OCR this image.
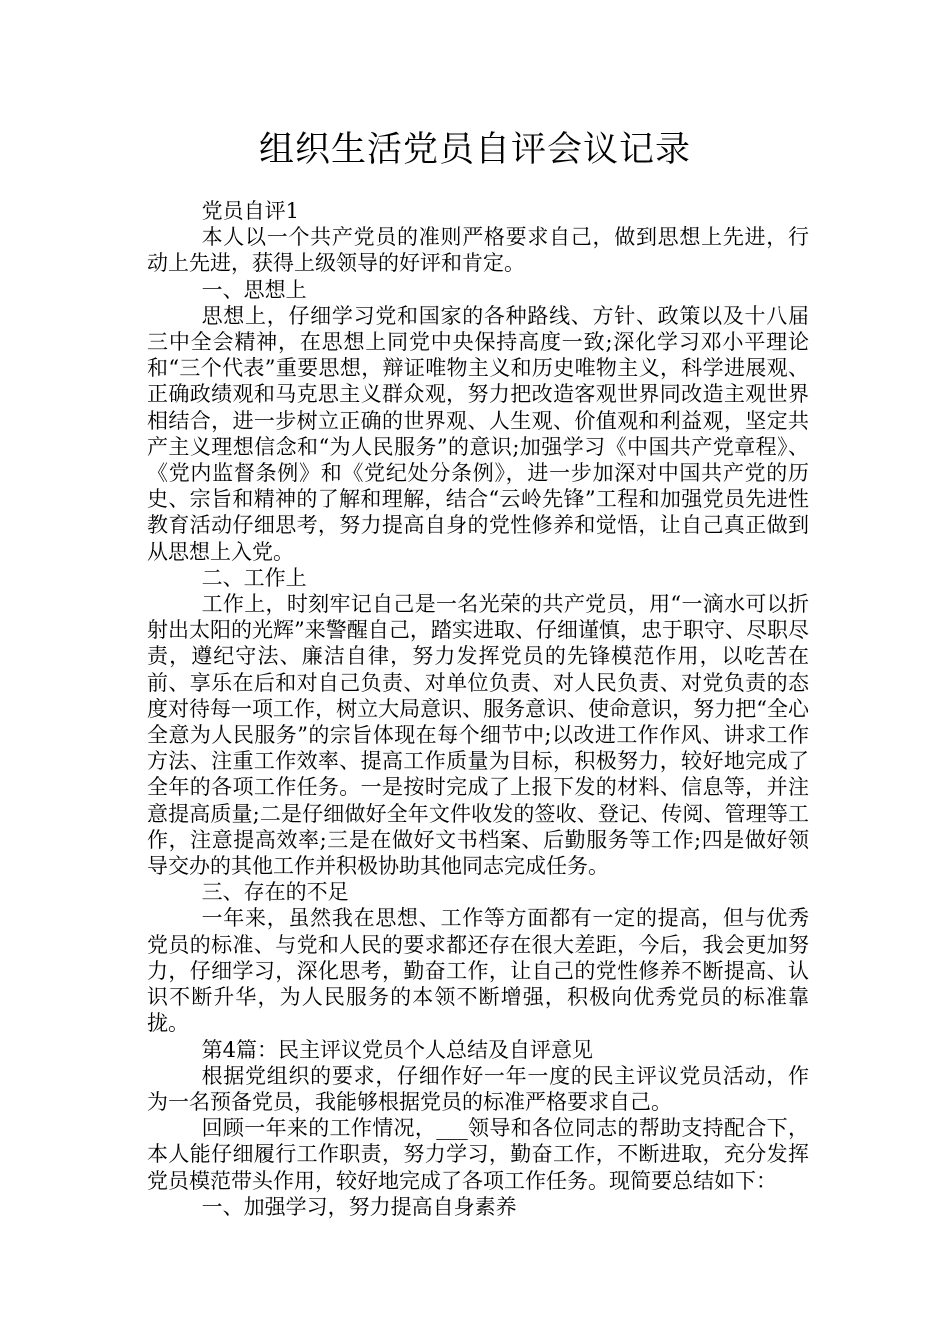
组织生活党员自评会议记录

党员自评1

本人以一个共产党员的准则严格要求自己，做到思想上先进，行动上先进，获得上级领导的好评和肯定。

一、思想上

思想上，仔细学习党和国家的各种路线、方针、政策以及十八届三中全会精神，在思想上同党中央保持高度一致;深化学习邓小平理论和“三个代表”重要思想，辩证唯物主义和历史唯物主义，科学进展观、正确政绩观和马克思主义群众观，努力把改造客观世界同改造主观世界相结合，进一步树立正确的世界观、人生观、价值观和利益观，坚定共产主义理想信念和“为人民服务”的意识;加强学习《中国共产党章程》、《党内监督条例》和《党纪处分条例》，进一步加深对中国共产党的历史、宗旨和精神的了解和理解，结合“云岭先锋”工程和加强党员先进性教育活动仔细思考，努力提高自身的党性修养和觉悟，让自己真正做到从思想上入党。

二、工作上

工作上，时刻牢记自己是一名光荣的共产党员，用“一滴水可以折射出太阳的光辉”来警醒自己，踏实进取、仔细谨慎，忠于职守、尽职尽责，遵纪守法、廉洁自律，努力发挥党员的先锋模范作用，以吃苦在前、享乐在后和对自己负责、对单位负责、对人民负责、对党负责的态度对待每一项工作，树立大局意识、服务意识、使命意识，努力把“全心全意为人民服务”的宗旨体现在每个细节中;以改进工作作风、讲求工作方法、注重工作效率、提高工作质量为目标，积极努力，较好地完成了全年的各项工作任务。一是按时完成了上报下发的材料、信息等，并注意提高质量;二是仔细做好全年文件收发的签收、登记、传阅、管理等工作，注意提高效率;三是在做好文书档案、后勤服务等工作;四是做好领导交办的其他工作并积极协助其他同志完成任务。

三、存在的不足

一年来，虽然我在思想、工作等方面都有一定的提高，但与优秀党员的标准、与党和人民的要求都还存在很大差距，今后，我会更加努力，仔细学习，深化思考，勤奋工作，让自己的党性修养不断提高、认识不断升华，为人民服务的本领不断增强，积极向优秀党员的标准靠拢。

第4篇：民主评议党员个人总结及自评意见

根据党组织的要求，仔细作好一年一度的民主评议党员活动，作为一名预备党员，我能够根据党员的标准严格要求自己。

回顾一年来的工作情况，___领导和各位同志的帮助支持配合下，本人能仔细履行工作职责，努力学习，勤奋工作，不断进取，充分发挥党员模范带头作用，较好地完成了各项工作任务。现简要总结如下：

一、加强学习，努力提高自身素养
